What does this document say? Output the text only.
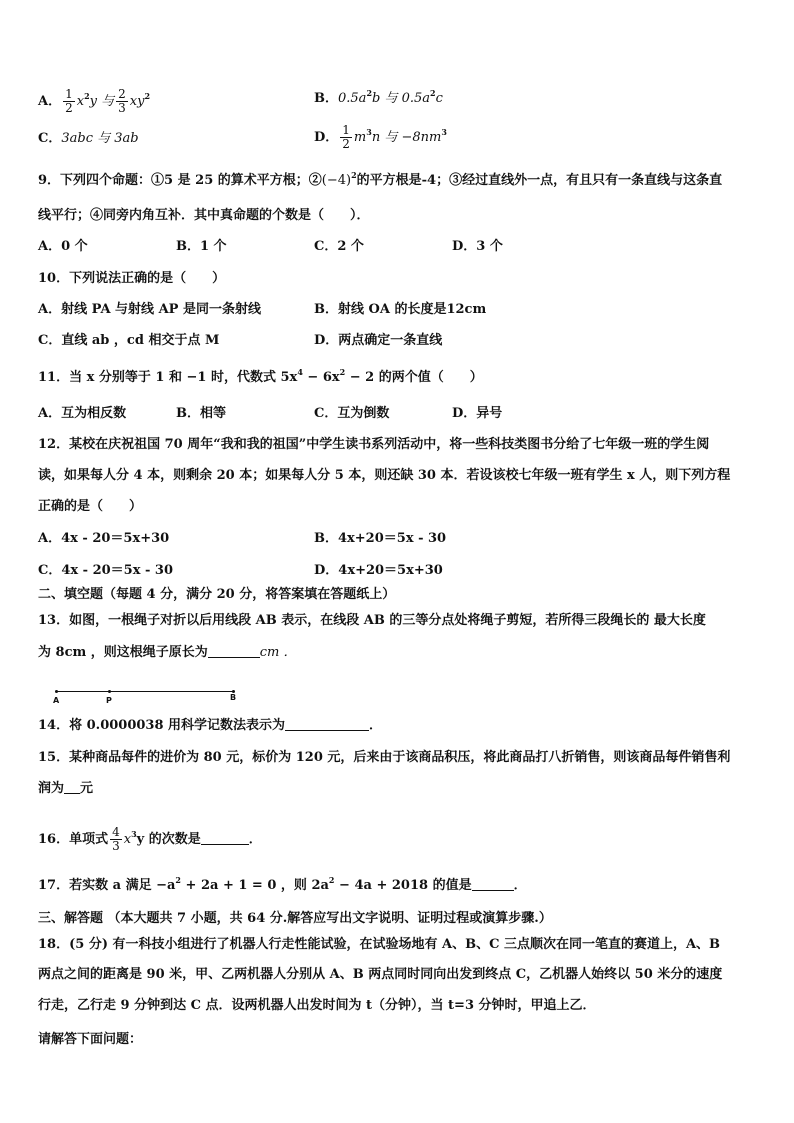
A． $\frac{1}{2} x^2y$ 与 $\frac{2}{3} xy^2$	B．$0.5a^2b$ 与 $0.5a^2c$
C．3abc 与 3ab	D． $\frac{1}{2} m^3n$ 与 $-8nm^3$
9．下列四个命题：①5 是 25 的算术平方根；$②(-4)^2$的平方根是-4；③经过直线外一点，有且只有一条直线与这条直
线平行；④同旁内角互补．其中真命题的个数是（　　）．
A．0 个	B．1 个	C．2 个	D．3 个
10．下列说法正确的是（　　）
A．射线 PA 与射线 AP 是同一条射线	B．射线 OA 的长度是12cm
C．直线 ab ，cd 相交于点 M	D．两点确定一条直线
11．当 x 分别等于 1 和 −1 时，代数式 $5x^4 - 6x^2 - 2$ 的两个值（　　）
A．互为相反数	B．相等	C．互为倒数	D．异号
12．某校在庆祝祖国 70 周年“我和我的祖国”中学生读书系列活动中，将一些科技类图书分给了七年级一班的学生阅
读，如果每人分 4 本，则剩余 20 本；如果每人分 5 本，则还缺 30 本．若设该校七年级一班有学生 x 人，则下列方程
正确的是（　　）
A．4x - 20＝5x+30	B．4x+20＝5x - 30
C．4x - 20＝5x - 30	D．4x+20＝5x+30
二、填空题（每题 4 分，满分 20 分，将答案填在答题纸上）
13．如图，一根绳子对折以后用线段 AB 表示，在线段 AB 的三等分点处将绳子剪短，若所得三段绳长的 最大长度
为 8cm ，则这根绳子原长为	cm ．
A	P	B
14．将 0.0000038 用科学记数法表示为	．
15．某种商品每件的进价为 80 元，标价为 120 元，后来由于该商品积压，将此商品打八折销售，则该商品每件销售利
润为 元
16．单项式 $\frac{4}{3} x^3y$ 的次数是	．
17．若实数 a 满足 $-a^2 + 2a + 1 = 0$ ，则 $2a^2 - 4a + 2018$ 的值是	．
三、解答题 （本大题共 7 小题，共 64 分.解答应写出文字说明、证明过程或演算步骤.）
18．(5 分) 有一科技小组进行了机器人行走性能试验，在试验场地有 A、B、C 三点顺次在同一笔直的赛道上，A、B
两点之间的距离是 90 米，甲、乙两机器人分别从 A、B 两点同时同向出发到终点 C，乙机器人始终以 50 米分的速度
行走，乙行走 9 分钟到达 C 点．设两机器人出发时间为 t（分钟），当 t=3 分钟时，甲追上乙．
请解答下面问题：
